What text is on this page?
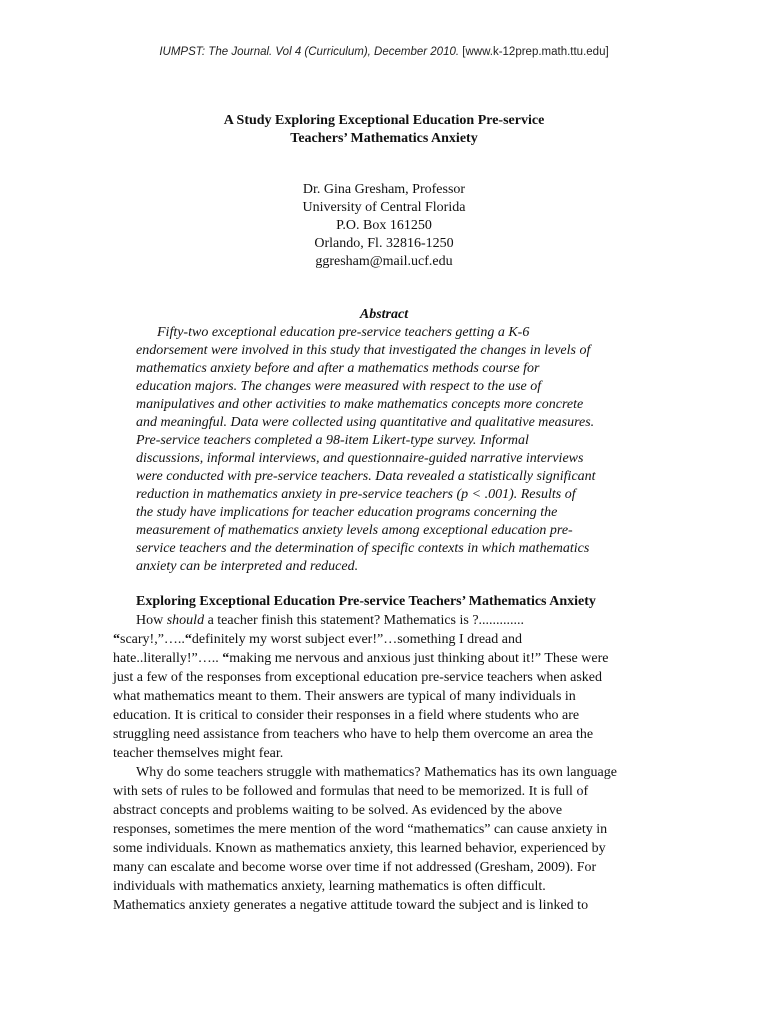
IUMPST: The Journal. Vol 4 (Curriculum), December 2010. [www.k-12prep.math.ttu.edu]
A Study Exploring Exceptional Education Pre-service
Teachers’ Mathematics Anxiety
Dr. Gina Gresham, Professor
University of Central Florida
P.O. Box 161250
Orlando, Fl. 32816-1250
ggresham@mail.ucf.edu
Abstract
Fifty-two exceptional education pre-service teachers getting a K-6
endorsement were involved in this study that investigated the changes in levels of
mathematics anxiety before and after a mathematics methods course for
education majors. The changes were measured with respect to the use of
manipulatives and other activities to make mathematics concepts more concrete
and meaningful. Data were collected using quantitative and qualitative measures.
Pre-service teachers completed a 98-item Likert-type survey. Informal
discussions, informal interviews, and questionnaire-guided narrative interviews
were conducted with pre-service teachers. Data revealed a statistically significant
reduction in mathematics anxiety in pre-service teachers (p < .001). Results of
the study have implications for teacher education programs concerning the
measurement of mathematics anxiety levels among exceptional education pre-
service teachers and the determination of specific contexts in which mathematics
anxiety can be interpreted and reduced.
Exploring Exceptional Education Pre-service Teachers’ Mathematics Anxiety
How should a teacher finish this statement? Mathematics is ?.............
“scary!,”…..“definitely my worst subject ever!”…something I dread and
hate..literally!”….. “making me nervous and anxious just thinking about it!” These were
just a few of the responses from exceptional education pre-service teachers when asked
what mathematics meant to them. Their answers are typical of many individuals in
education. It is critical to consider their responses in a field where students who are
struggling need assistance from teachers who have to help them overcome an area the
teacher themselves might fear.
Why do some teachers struggle with mathematics? Mathematics has its own language
with sets of rules to be followed and formulas that need to be memorized. It is full of
abstract concepts and problems waiting to be solved. As evidenced by the above
responses, sometimes the mere mention of the word “mathematics” can cause anxiety in
some individuals. Known as mathematics anxiety, this learned behavior, experienced by
many can escalate and become worse over time if not addressed (Gresham, 2009). For
individuals with mathematics anxiety, learning mathematics is often difficult.
Mathematics anxiety generates a negative attitude toward the subject and is linked to
